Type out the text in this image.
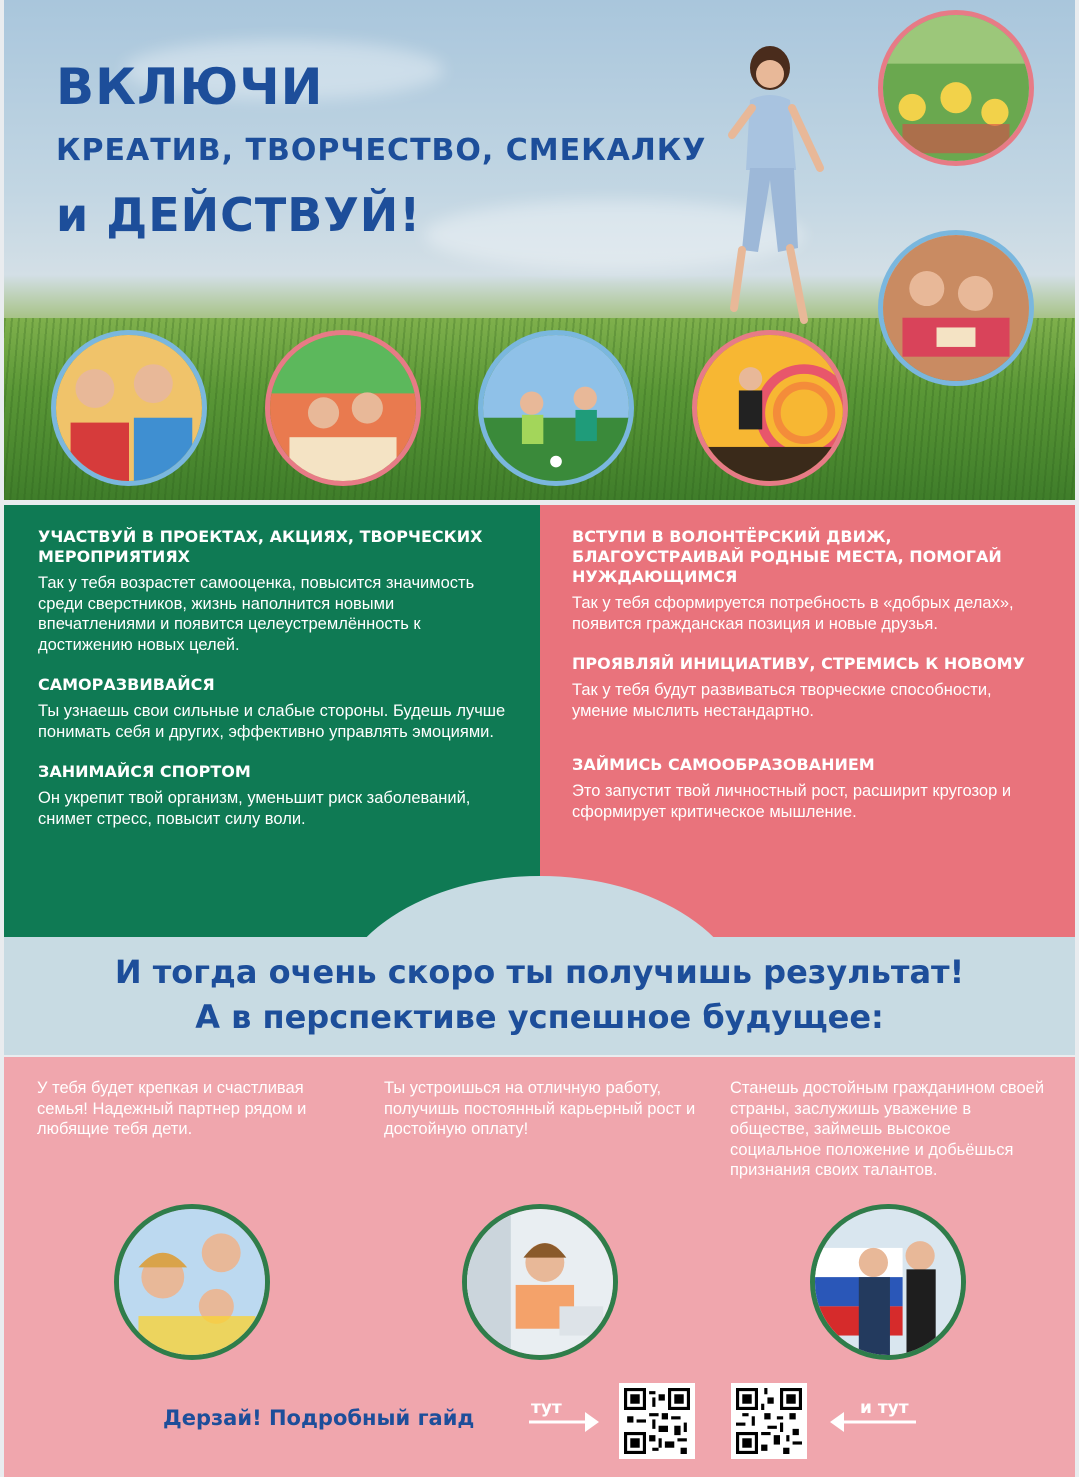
ВКЛЮЧИ
КРЕАТИВ, ТВОРЧЕСТВО, СМЕКАЛКУ
и ДЕЙСТВУЙ!
УЧАСТВУЙ В ПРОЕКТАХ, АКЦИЯХ, ТВОРЧЕСКИХ МЕРОПРИЯТИЯХ

Так у тебя возрастет самооценка, повысится значимость среди сверстников, жизнь наполнится новыми впечатлениями и появится целеустремлённость к достижению новых целей.

САМОРАЗВИВАЙСЯ

Ты узнаешь свои сильные и слабые стороны. Будешь лучше понимать себя и других, эффективно управлять эмоциями.

ЗАНИМАЙСЯ СПОРТОМ

Он укрепит твой организм, уменьшит риск заболеваний, снимет стресс, повысит силу воли.

ВСТУПИ В ВОЛОНТЁРСКИЙ ДВИЖ, БЛАГОУСТРАИВАЙ РОДНЫЕ МЕСТА, ПОМОГАЙ НУЖДАЮЩИМСЯ

Так у тебя сформируется потребность в «добрых делах», появится гражданская позиция и новые друзья.

ПРОЯВЛЯЙ ИНИЦИАТИВУ, СТРЕМИСЬ К НОВОМУ

Так у тебя будут развиваться творческие способности, умение мыслить нестандартно.

ЗАЙМИСЬ САМООБРАЗОВАНИЕМ

Это запустит твой личностный рост, расширит кругозор и сформирует критическое мышление.

И тогда очень скоро ты получишь результат!
А в перспективе успешное будущее:
У тебя будет крепкая и счастливая семья! Надежный партнер рядом и любящие тебя дети.
Ты устроишься на отличную работу, получишь постоянный карьерный рост и достойную оплату!
Станешь достойным гражданином своей страны, заслужишь уважение в обществе, займешь высокое социальное положение и добьёшься признания своих талантов.
Дерзай! Подробный гайд	тут	и тут
